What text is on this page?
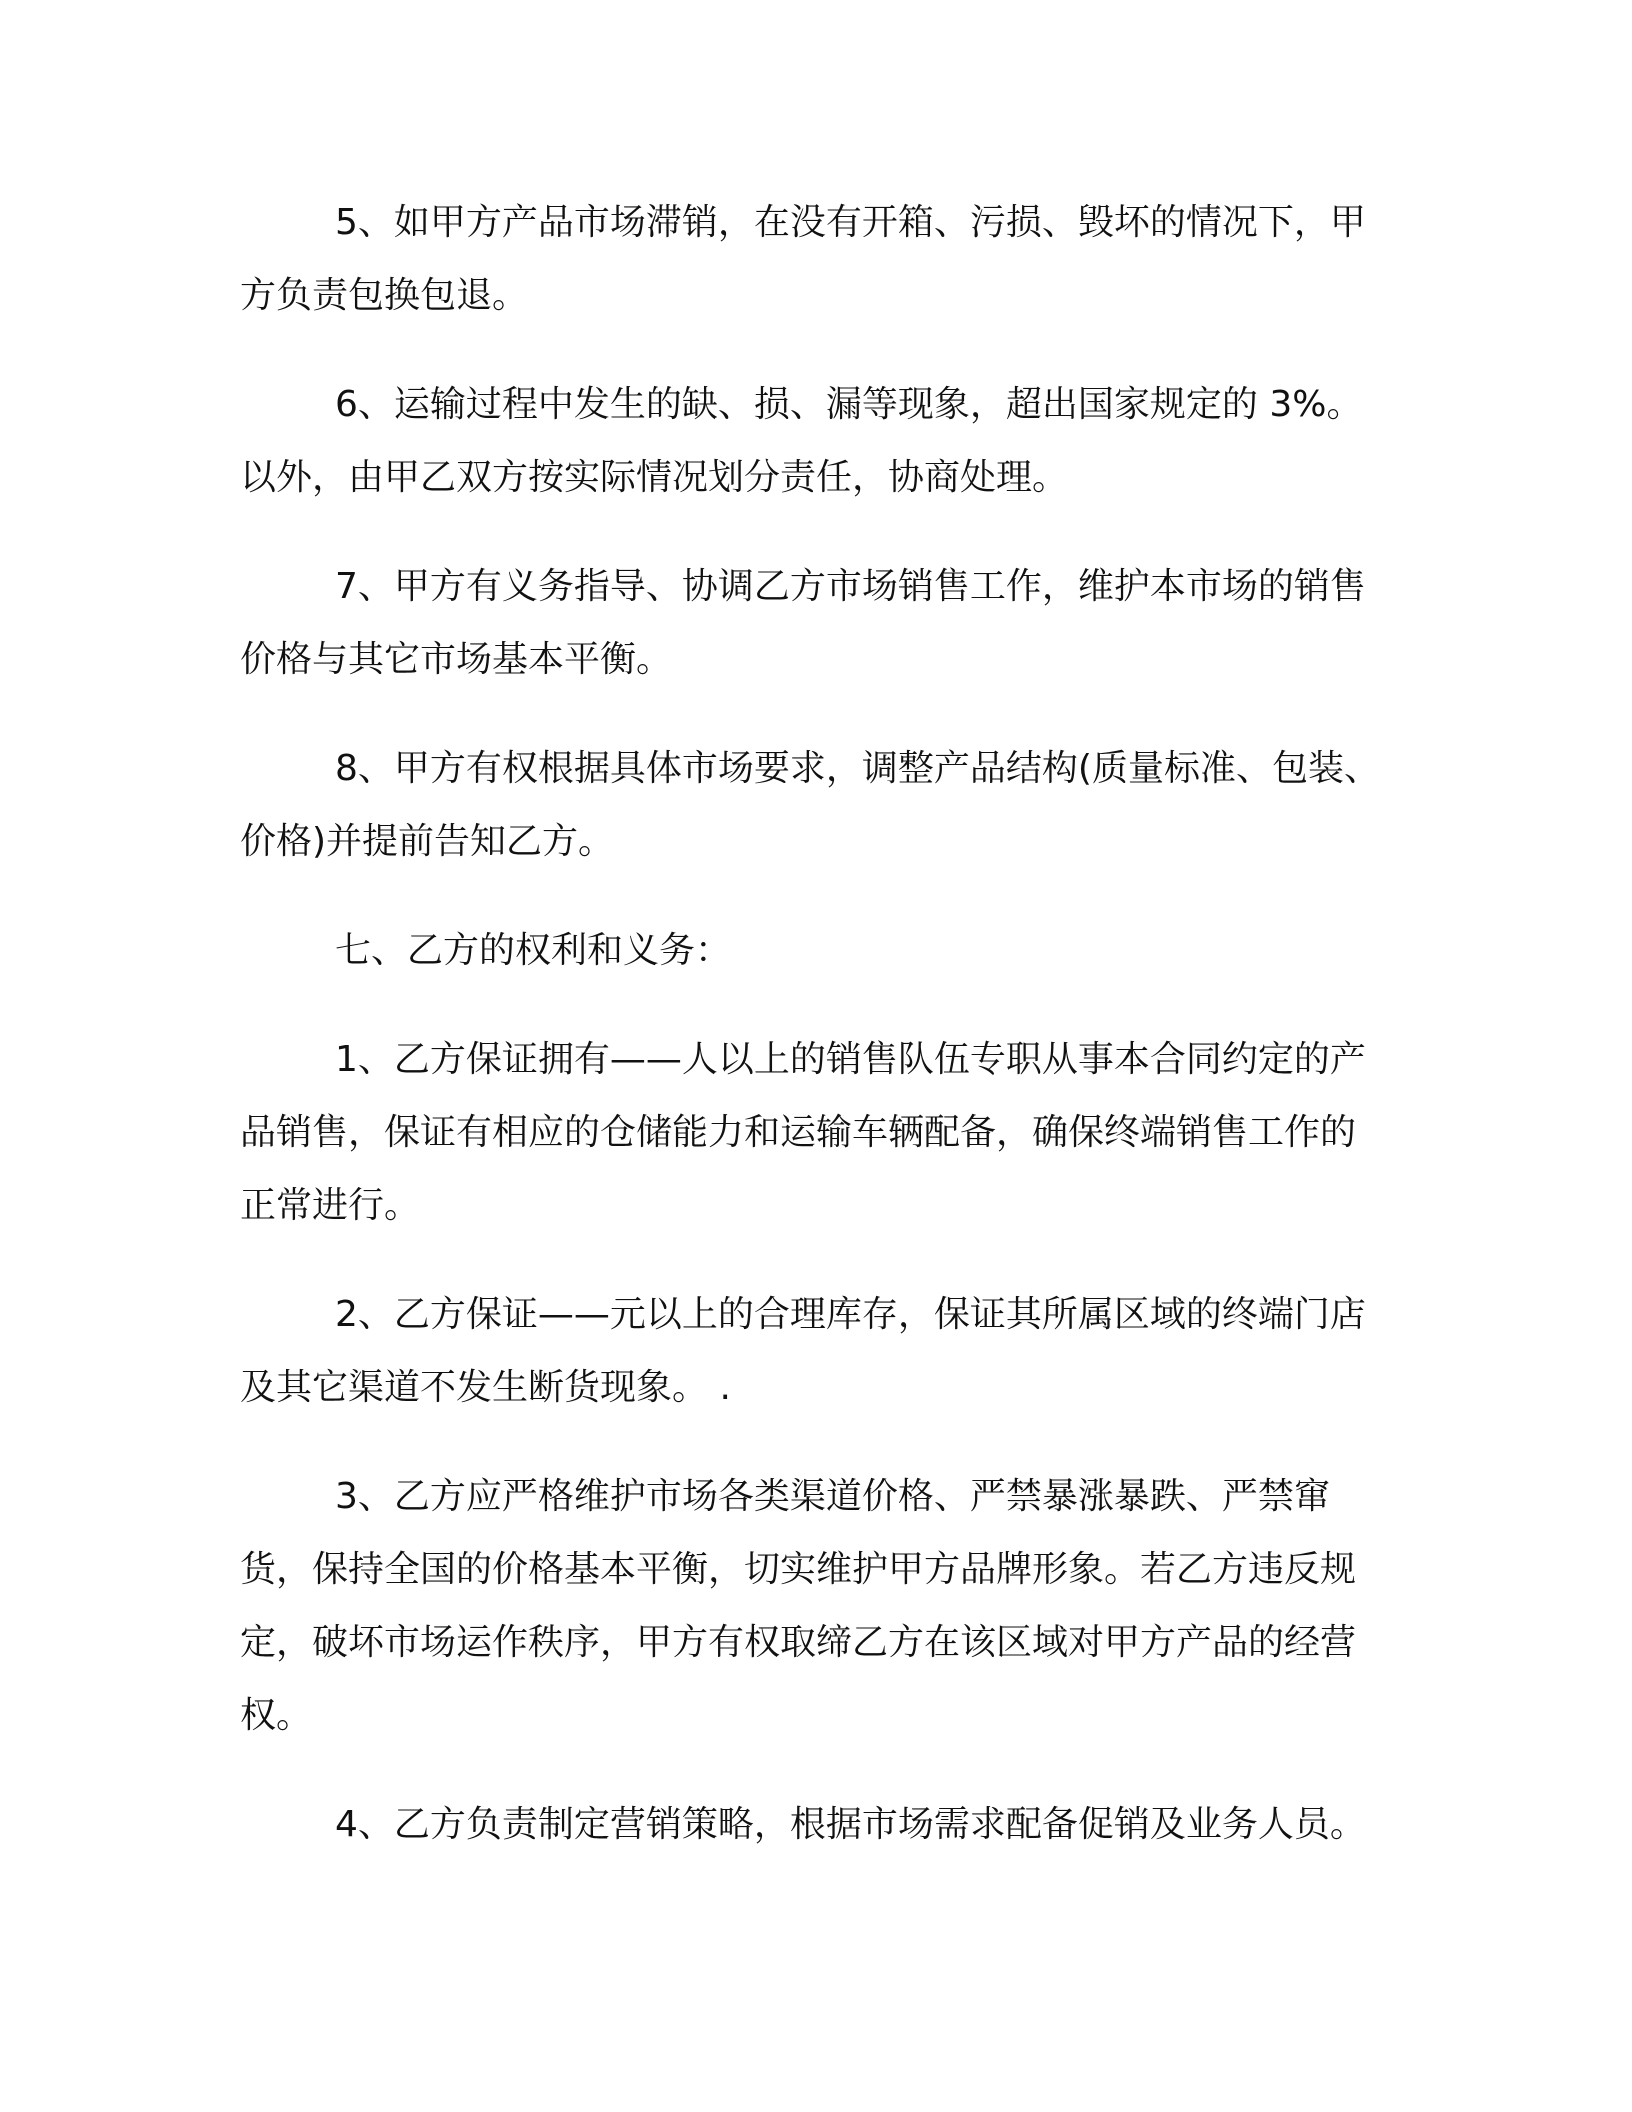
5、如甲方产品市场滞销，在没有开箱、污损、毁坏的情况下，甲方负责包换包退。

6、运输过程中发生的缺、损、漏等现象，超出国家规定的 3%。以外，由甲乙双方按实际情况划分责任，协商处理。

7、甲方有义务指导、协调乙方市场销售工作，维护本市场的销售价格与其它市场基本平衡。

8、甲方有权根据具体市场要求，调整产品结构(质量标准、包装、价格)并提前告知乙方。

七、乙方的权利和义务：

1、乙方保证拥有——人以上的销售队伍专职从事本合同约定的产品销售，保证有相应的仓储能力和运输车辆配备，确保终端销售工作的正常进行。

2、乙方保证——元以上的合理库存，保证其所属区域的终端门店及其它渠道不发生断货现象。 .

3、乙方应严格维护市场各类渠道价格、严禁暴涨暴跌、严禁窜货，保持全国的价格基本平衡，切实维护甲方品牌形象。若乙方违反规定，破坏市场运作秩序，甲方有权取缔乙方在该区域对甲方产品的经营权。

4、乙方负责制定营销策略，根据市场需求配备促销及业务人员。
